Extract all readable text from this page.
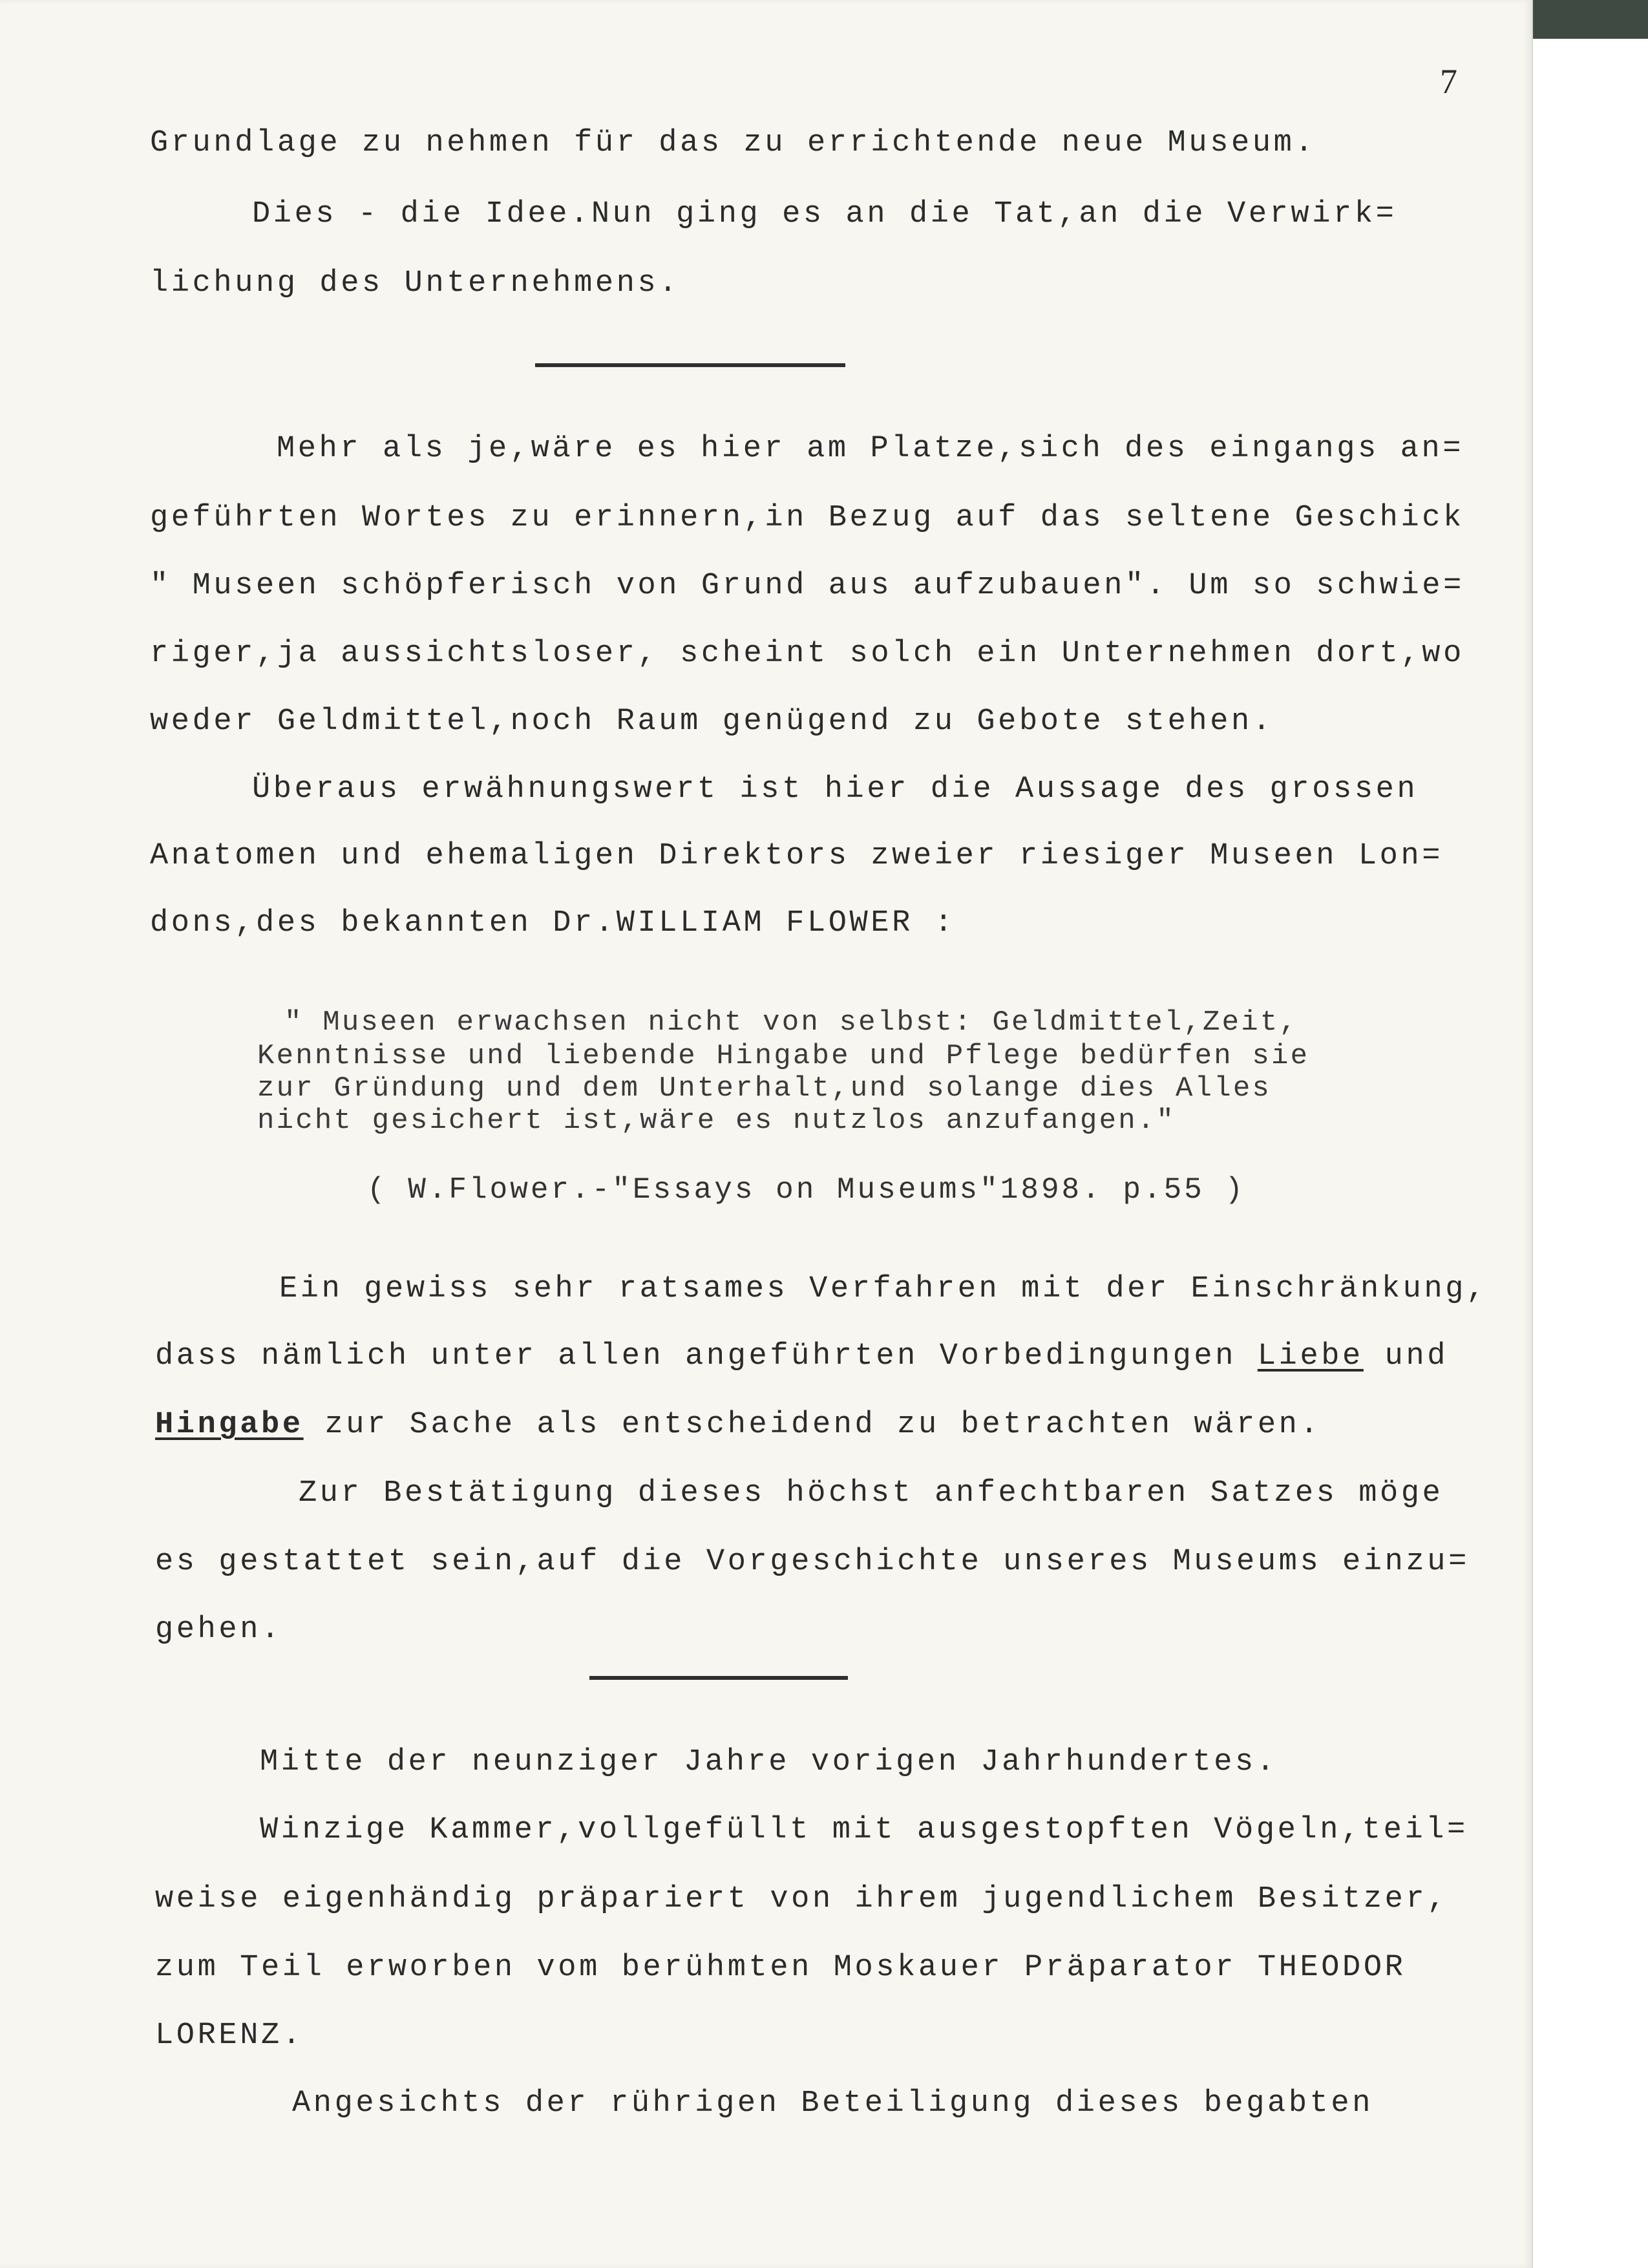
7
Grundlage zu nehmen für das zu errichtende neue Museum.
Dies - die Idee.Nun ging es an die Tat,an die Verwirk=
lichung des Unternehmens.
Mehr als je,wäre es hier am Platze,sich des eingangs an=
geführten Wortes zu erinnern,in Bezug auf das seltene Geschick
" Museen schöpferisch von Grund aus aufzubauen". Um so schwie=
riger,ja aussichtsloser, scheint solch ein Unternehmen dort,wo
weder Geldmittel,noch Raum genügend zu Gebote stehen.
Überaus erwähnungswert ist hier die Aussage des grossen
Anatomen und ehemaligen Direktors zweier riesiger Museen Lon=
dons,des bekannten Dr.WILLIAM FLOWER :
" Museen erwachsen nicht von selbst: Geldmittel,Zeit,
Kenntnisse und liebende Hingabe und Pflege bedürfen sie
zur Gründung und dem Unterhalt,und solange dies Alles
nicht gesichert ist,wäre es nutzlos anzufangen."
( W.Flower.-"Essays on Museums"1898. p.55 )
Ein gewiss sehr ratsames Verfahren mit der Einschränkung,
dass nämlich unter allen angeführten Vorbedingungen Liebe und
Hingabe zur Sache als entscheidend zu betrachten wären.
Zur Bestätigung dieses höchst anfechtbaren Satzes möge
es gestattet sein,auf die Vorgeschichte unseres Museums einzu=
gehen.
Mitte der neunziger Jahre vorigen Jahrhundertes.
Winzige Kammer,vollgefüllt mit ausgestopften Vögeln,teil=
weise eigenhändig präpariert von ihrem jugendlichem Besitzer,
zum Teil erworben vom berühmten Moskauer Präparator THEODOR
LORENZ.
Angesichts der rührigen Beteiligung dieses begabten
